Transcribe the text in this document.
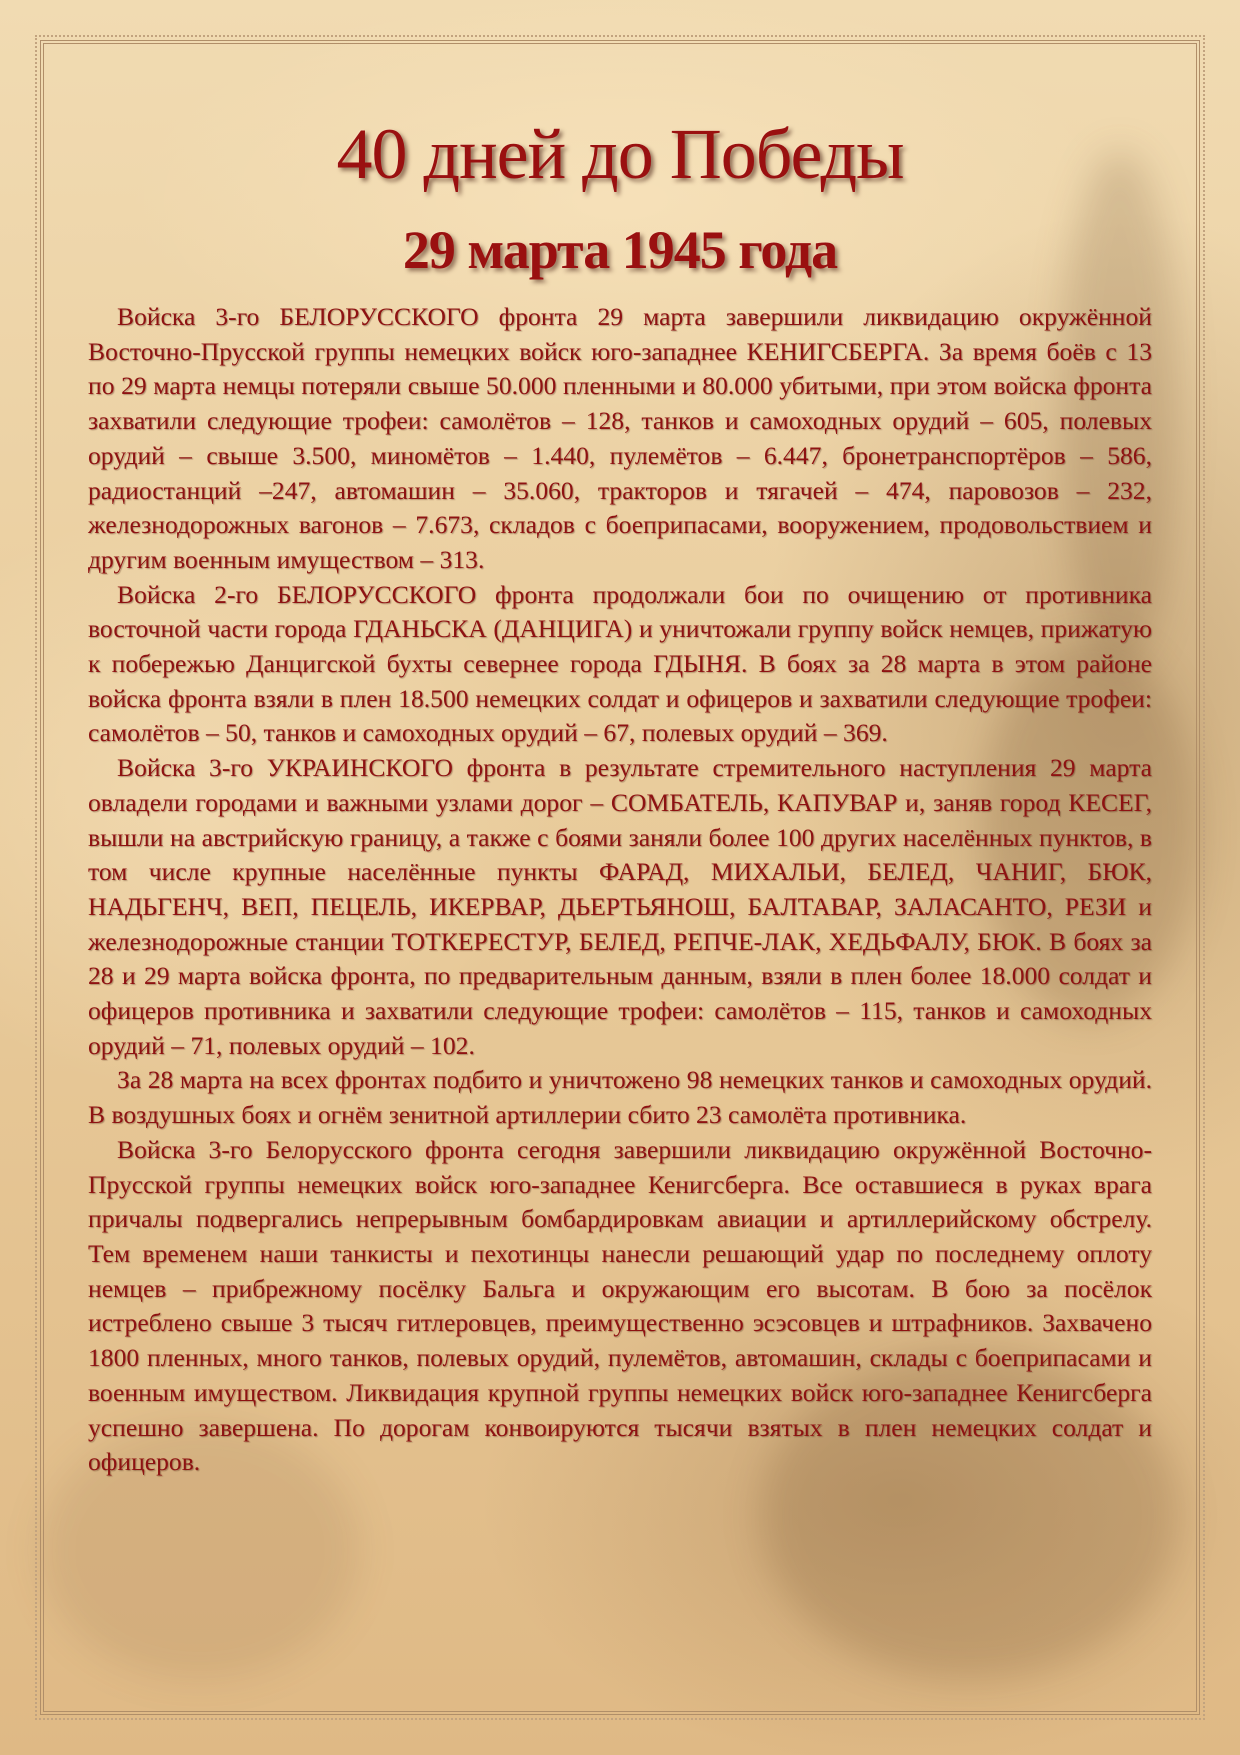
40 дней до Победы
29 марта 1945 года

Войска 3-го БЕЛОРУССКОГО фронта 29 марта завершили ликвидацию окружённой Восточно-Прусской группы немецких войск юго-западнее КЕНИГСБЕРГА. За время боёв с 13 по 29 марта немцы потеряли свыше 50.000 пленными и 80.000 убитыми, при этом войска фронта захватили следующие трофеи: самолётов – 128, танков и самоходных орудий – 605, полевых орудий – свыше 3.500, миномётов – 1.440, пулемётов – 6.447, бронетранспортёров – 586, радиостанций –247, автомашин – 35.060, тракторов и тягачей – 474, паровозов – 232, железнодорожных вагонов – 7.673, складов с боеприпасами, вооружением, продовольствием и другим военным имуществом – 313.

Войска 2-го БЕЛОРУССКОГО фронта продолжали бои по очищению от противника восточной части города ГДАНЬСКА (ДАНЦИГА) и уничтожали группу войск немцев, прижатую к побережью Данцигской бухты севернее города ГДЫНЯ. В боях за 28 марта в этом районе войска фронта взяли в плен 18.500 немецких солдат и офицеров и захватили следующие трофеи: самолётов – 50, танков и самоходных орудий – 67, полевых орудий – 369.

Войска 3-го УКРАИНСКОГО фронта в результате стремительного наступления 29 марта овладели городами и важными узлами дорог – СОМБАТЕЛЬ, КАПУВАР и, заняв город КЕСЕГ, вышли на австрийскую границу, а также с боями заняли более 100 других населённых пунктов, в том числе крупные населённые пункты ФАРАД, МИХАЛЬИ, БЕЛЕД, ЧАНИГ, БЮК, НАДЬГЕНЧ, ВЕП, ПЕЦЕЛЬ, ИКЕРВАР, ДЬЕРТЬЯНОШ, БАЛТАВАР, ЗАЛАСАНТО, РЕЗИ и железнодорожные станции ТОТКЕРЕСТУР, БЕЛЕД, РЕПЧЕ-ЛАК, ХЕДЬФАЛУ, БЮК. В боях за 28 и 29 марта войска фронта, по предварительным данным, взяли в плен более 18.000 солдат и офицеров противника и захватили следующие трофеи: самолётов – 115, танков и самоходных орудий – 71, полевых орудий – 102.

За 28 марта на всех фронтах подбито и уничтожено 98 немецких танков и самоходных орудий. В воздушных боях и огнём зенитной артиллерии сбито 23 самолёта противника.

Войска 3-го Белорусского фронта сегодня завершили ликвидацию окружённой Восточно-Прусской группы немецких войск юго-западнее Кенигсберга. Все оставшиеся в руках врага причалы подвергались непрерывным бомбардировкам авиации и артиллерийскому обстрелу. Тем временем наши танкисты и пехотинцы нанесли решающий удар по последнему оплоту немцев – прибрежному посёлку Бальга и окружающим его высотам. В бою за посёлок истреблено свыше 3 тысяч гитлеровцев, преимущественно эсэсовцев и штрафников. Захвачено 1800 пленных, много танков, полевых орудий, пулемётов, автомашин, склады с боеприпасами и военным имуществом. Ликвидация крупной группы немецких войск юго-западнее Кенигсберга успешно завершена. По дорогам конвоируются тысячи взятых в плен немецких солдат и офицеров.
